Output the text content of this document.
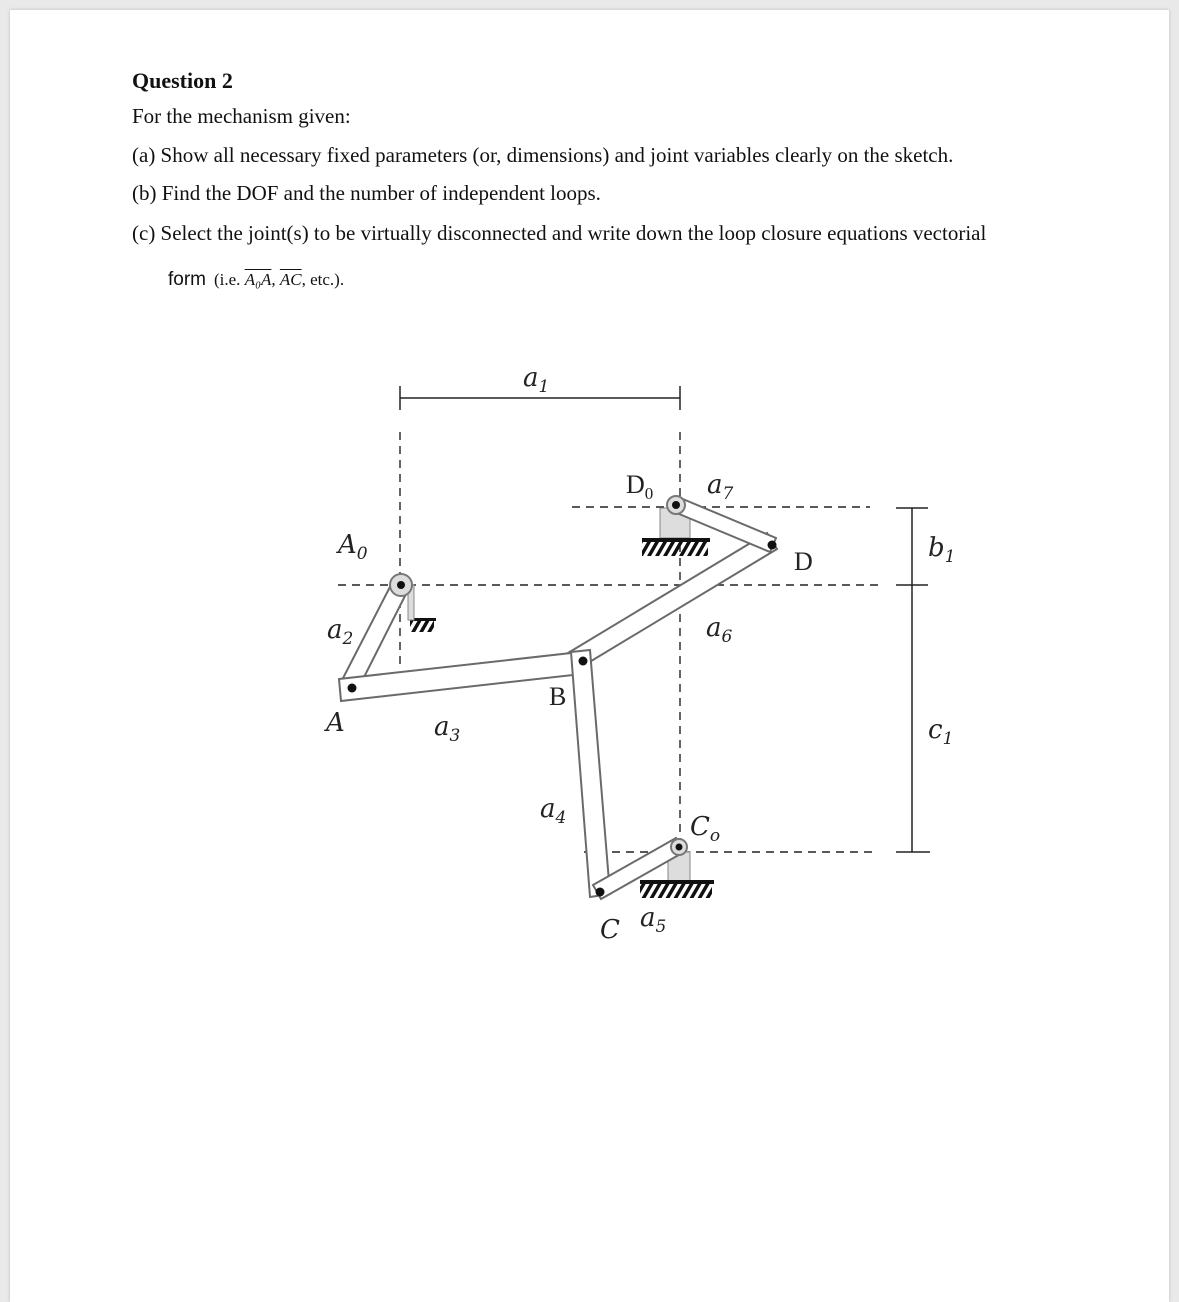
Question 2
For the mechanism given:
(a) Show all necessary fixed parameters (or, dimensions) and joint variables clearly on the sketch.
(b) Find the DOF and the number of independent loops.
(c) Select the joint(s) to be virtually disconnected and write down the loop closure equations vectorial
form (i.e. A₀A, $\overline{AC}$, etc.).
$a_1$
$a_7$
$D_0$
$A_0$	D	$b_1$
$a_2$	$a_6$
B
A	$a_3$	$c_1$
$a_4$	$C_o$
C $a_5$
